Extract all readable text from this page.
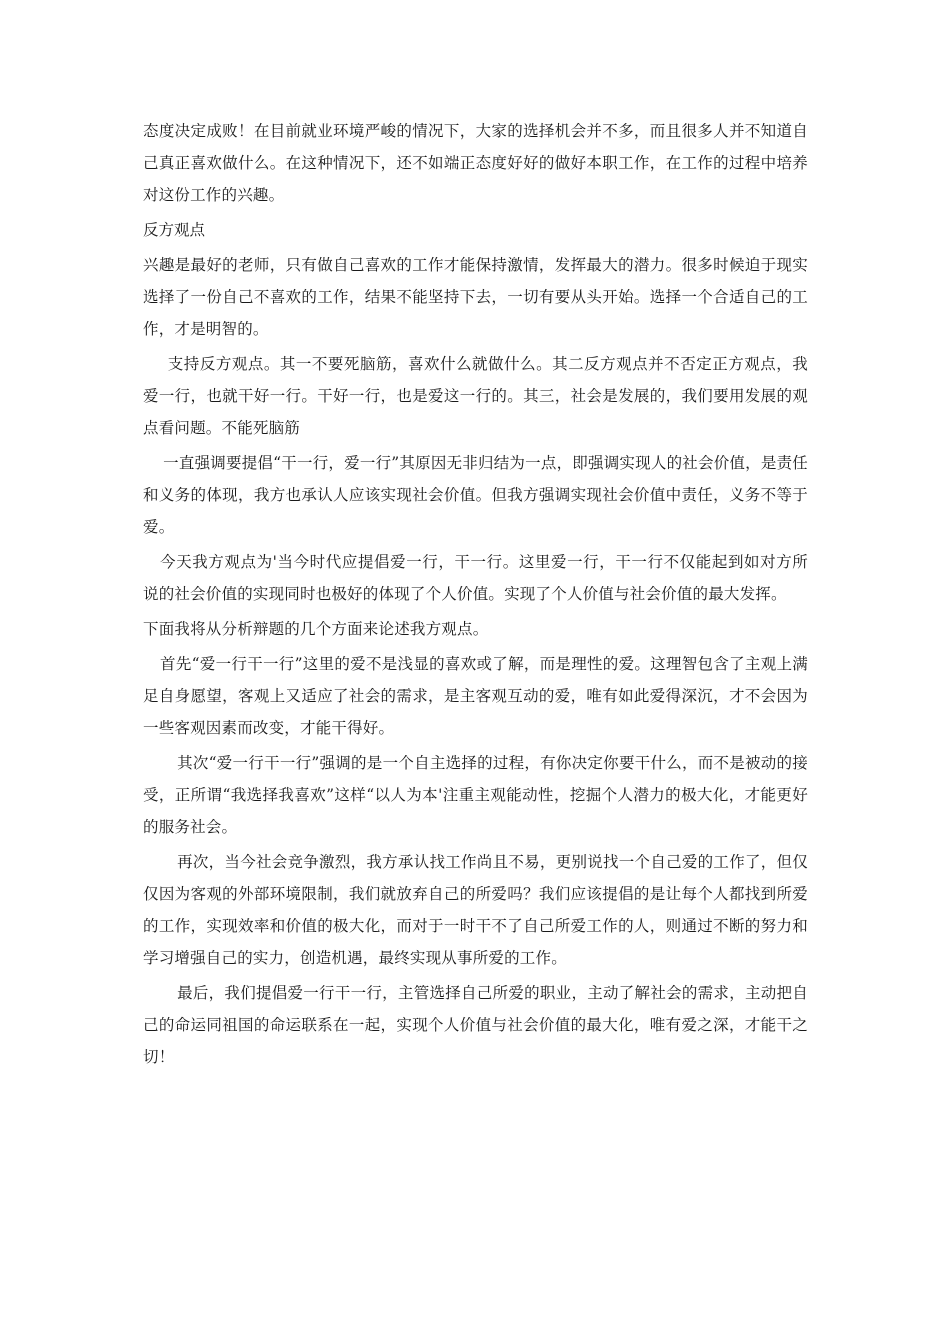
态度决定成败！在目前就业环境严峻的情况下，大家的选择机会并不多，而且很多人并不知道自己真正喜欢做什么。在这种情况下，还不如端正态度好好的做好本职工作，在工作的过程中培养对这份工作的兴趣。

反方观点

兴趣是最好的老师，只有做自己喜欢的工作才能保持激情，发挥最大的潜力。很多时候迫于现实选择了一份自己不喜欢的工作，结果不能坚持下去，一切有要从头开始。选择一个合适自己的工作，才是明智的。

支持反方观点。其一不要死脑筋，喜欢什么就做什么。其二反方观点并不否定正方观点，我爱一行，也就干好一行。干好一行，也是爱这一行的。其三，社会是发展的，我们要用发展的观点看问题。不能死脑筋

一直强调要提倡“干一行，爱一行”其原因无非归结为一点，即强调实现人的社会价值，是责任和义务的体现，我方也承认人应该实现社会价值。但我方强调实现社会价值中责任，义务不等于爱。

今天我方观点为'当今时代应提倡爱一行，干一行。这里爱一行，干一行不仅能起到如对方所说的社会价值的实现同时也极好的体现了个人价值。实现了个人价值与社会价值的最大发挥。

下面我将从分析辩题的几个方面来论述我方观点。

首先“爱一行干一行”这里的爱不是浅显的喜欢或了解，而是理性的爱。这理智包含了主观上满足自身愿望，客观上又适应了社会的需求，是主客观互动的爱，唯有如此爱得深沉，才不会因为一些客观因素而改变，才能干得好。

其次“爱一行干一行”强调的是一个自主选择的过程，有你决定你要干什么，而不是被动的接受，正所谓“我选择我喜欢”这样“以人为本'注重主观能动性，挖掘个人潜力的极大化，才能更好的服务社会。

再次，当今社会竞争激烈，我方承认找工作尚且不易，更别说找一个自己爱的工作了，但仅仅因为客观的外部环境限制，我们就放弃自己的所爱吗？我们应该提倡的是让每个人都找到所爱的工作，实现效率和价值的极大化，而对于一时干不了自己所爱工作的人，则通过不断的努力和学习增强自己的实力，创造机遇，最终实现从事所爱的工作。

最后，我们提倡爱一行干一行，主管选择自己所爱的职业，主动了解社会的需求，主动把自己的命运同祖国的命运联系在一起，实现个人价值与社会价值的最大化，唯有爱之深，才能干之切！
